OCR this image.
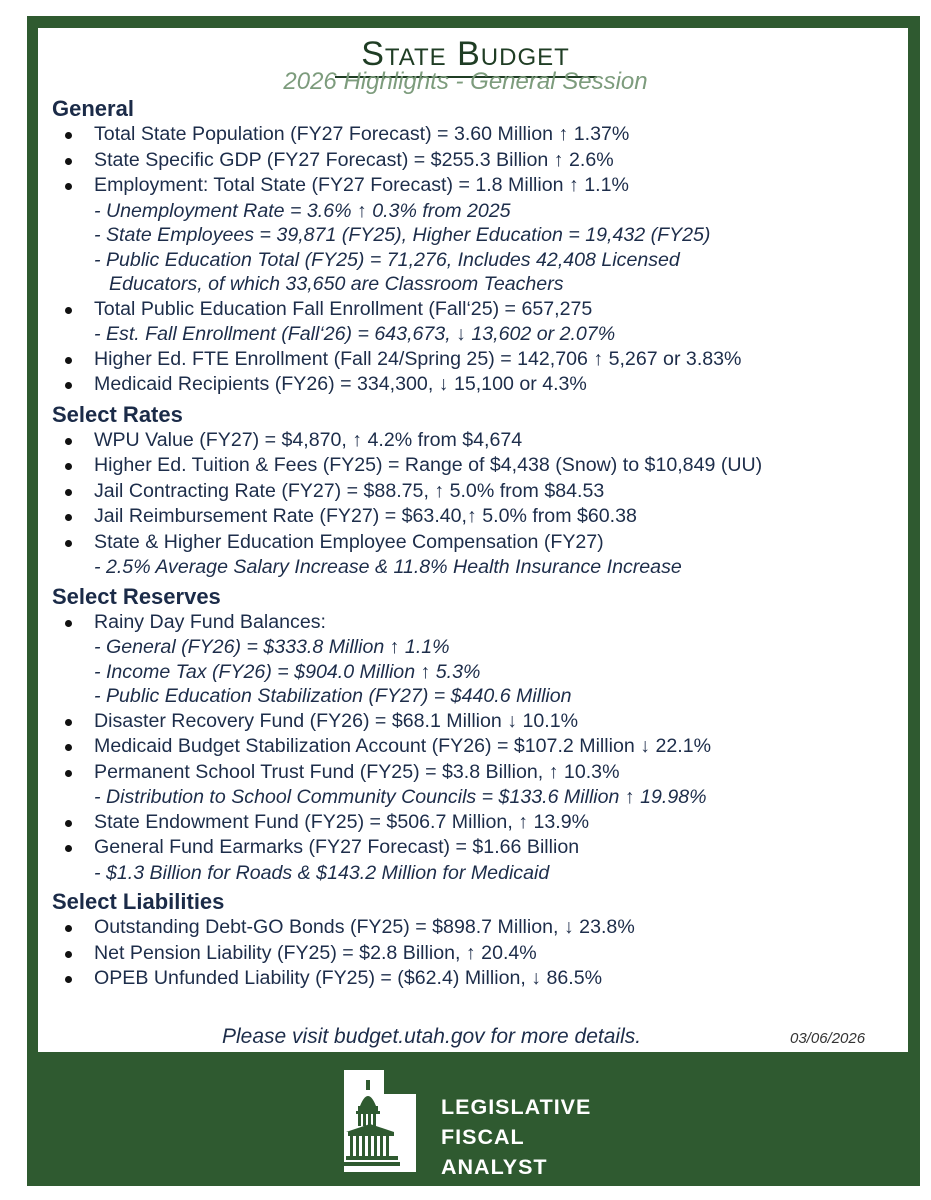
State Budget
2026 Highlights - General Session
General
Total State Population (FY27 Forecast) = 3.60 Million ↑ 1.37%
State Specific GDP (FY27 Forecast) = $255.3 Billion ↑ 2.6%
Employment: Total State (FY27 Forecast) = 1.8 Million ↑ 1.1%
- Unemployment Rate = 3.6% ↑ 0.3% from 2025
- State Employees = 39,871 (FY25), Higher Education = 19,432 (FY25)
- Public Education Total (FY25) = 71,276, Includes 42,408 Licensed
Educators, of which 33,650 are Classroom Teachers
Total Public Education Fall Enrollment (Fall‘25) = 657,275
- Est. Fall Enrollment (Fall‘26) = 643,673, ↓ 13,602 or 2.07%
Higher Ed. FTE Enrollment (Fall 24/Spring 25) = 142,706 ↑ 5,267 or 3.83%
Medicaid Recipients (FY26) = 334,300, ↓ 15,100 or 4.3%
Select Rates
WPU Value (FY27) = $4,870, ↑ 4.2% from $4,674
Higher Ed. Tuition & Fees (FY25) = Range of $4,438 (Snow) to $10,849 (UU)
Jail Contracting Rate (FY27) = $88.75, ↑ 5.0% from $84.53
Jail Reimbursement Rate (FY27) = $63.40,↑ 5.0% from $60.38
State & Higher Education Employee Compensation (FY27)
- 2.5% Average Salary Increase & 11.8% Health Insurance Increase
Select Reserves
Rainy Day Fund Balances:
- General (FY26) = $333.8 Million ↑ 1.1%
- Income Tax (FY26) = $904.0 Million ↑ 5.3%
- Public Education Stabilization (FY27) = $440.6 Million
Disaster Recovery Fund (FY26) = $68.1 Million ↓ 10.1%
Medicaid Budget Stabilization Account (FY26) = $107.2 Million ↓ 22.1%
Permanent School Trust Fund (FY25) = $3.8 Billion, ↑ 10.3%
- Distribution to School Community Councils = $133.6 Million ↑ 19.98%
State Endowment Fund (FY25) = $506.7 Million, ↑ 13.9%
General Fund Earmarks (FY27 Forecast) = $1.66 Billion
- $1.3 Billion for Roads & $143.2 Million for Medicaid
Select Liabilities
Outstanding Debt-GO Bonds (FY25) = $898.7 Million, ↓ 23.8%
Net Pension Liability (FY25) = $2.8 Billion, ↑ 20.4%
OPEB Unfunded Liability (FY25) = ($62.4) Million, ↓ 86.5%
Please visit budget.utah.gov for more details.	03/06/2026
LEGISLATIVE
FISCAL
ANALYST
